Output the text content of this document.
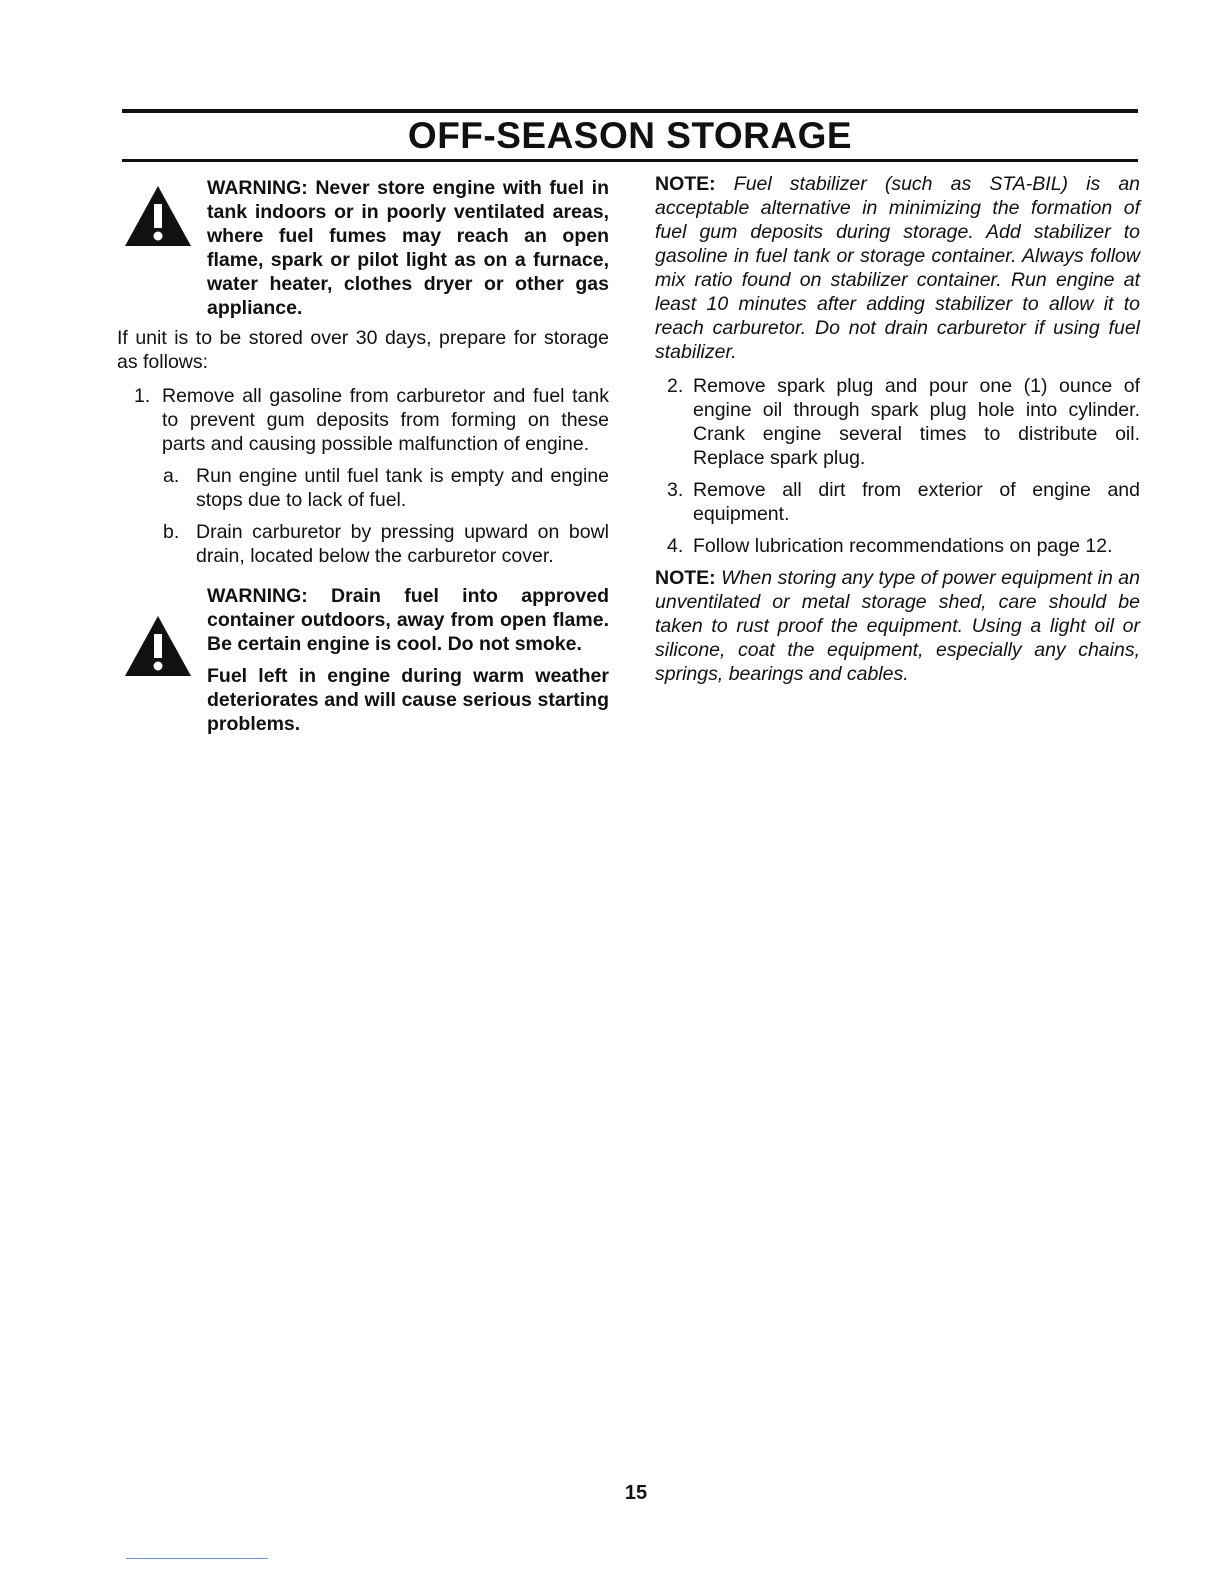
OFF-SEASON STORAGE

WARNING: Never store engine with fuel in tank indoors or in poorly ventilated areas, where fuel fumes may reach an open flame, spark or pilot light as on a furnace, water heater, clothes dryer or other gas appliance.

If unit is to be stored over 30 days, prepare for storage as follows:

1. Remove all gasoline from carburetor and fuel tank to prevent gum deposits from forming on these parts and causing possible malfunction of engine.
a. Run engine until fuel tank is empty and engine stops due to lack of fuel.
b. Drain carburetor by pressing upward on bowl drain, located below the carburetor cover.

WARNING: Drain fuel into approved container outdoors, away from open flame. Be certain engine is cool. Do not smoke.

Fuel left in engine during warm weather deteriorates and will cause serious starting problems.

NOTE: Fuel stabilizer (such as STA-BIL) is an acceptable alternative in minimizing the formation of fuel gum deposits during storage. Add stabilizer to gasoline in fuel tank or storage container. Always follow mix ratio found on stabilizer container. Run engine at least 10 minutes after adding stabilizer to allow it to reach carburetor. Do not drain carburetor if using fuel stabilizer.

2. Remove spark plug and pour one (1) ounce of engine oil through spark plug hole into cylinder. Crank engine several times to distribute oil. Replace spark plug.
3. Remove all dirt from exterior of engine and equipment.
4. Follow lubrication recommendations on page 12.

NOTE: When storing any type of power equipment in an unventilated or metal storage shed, care should be taken to rust proof the equipment. Using a light oil or silicone, coat the equipment, especially any chains, springs, bearings and cables.

15
